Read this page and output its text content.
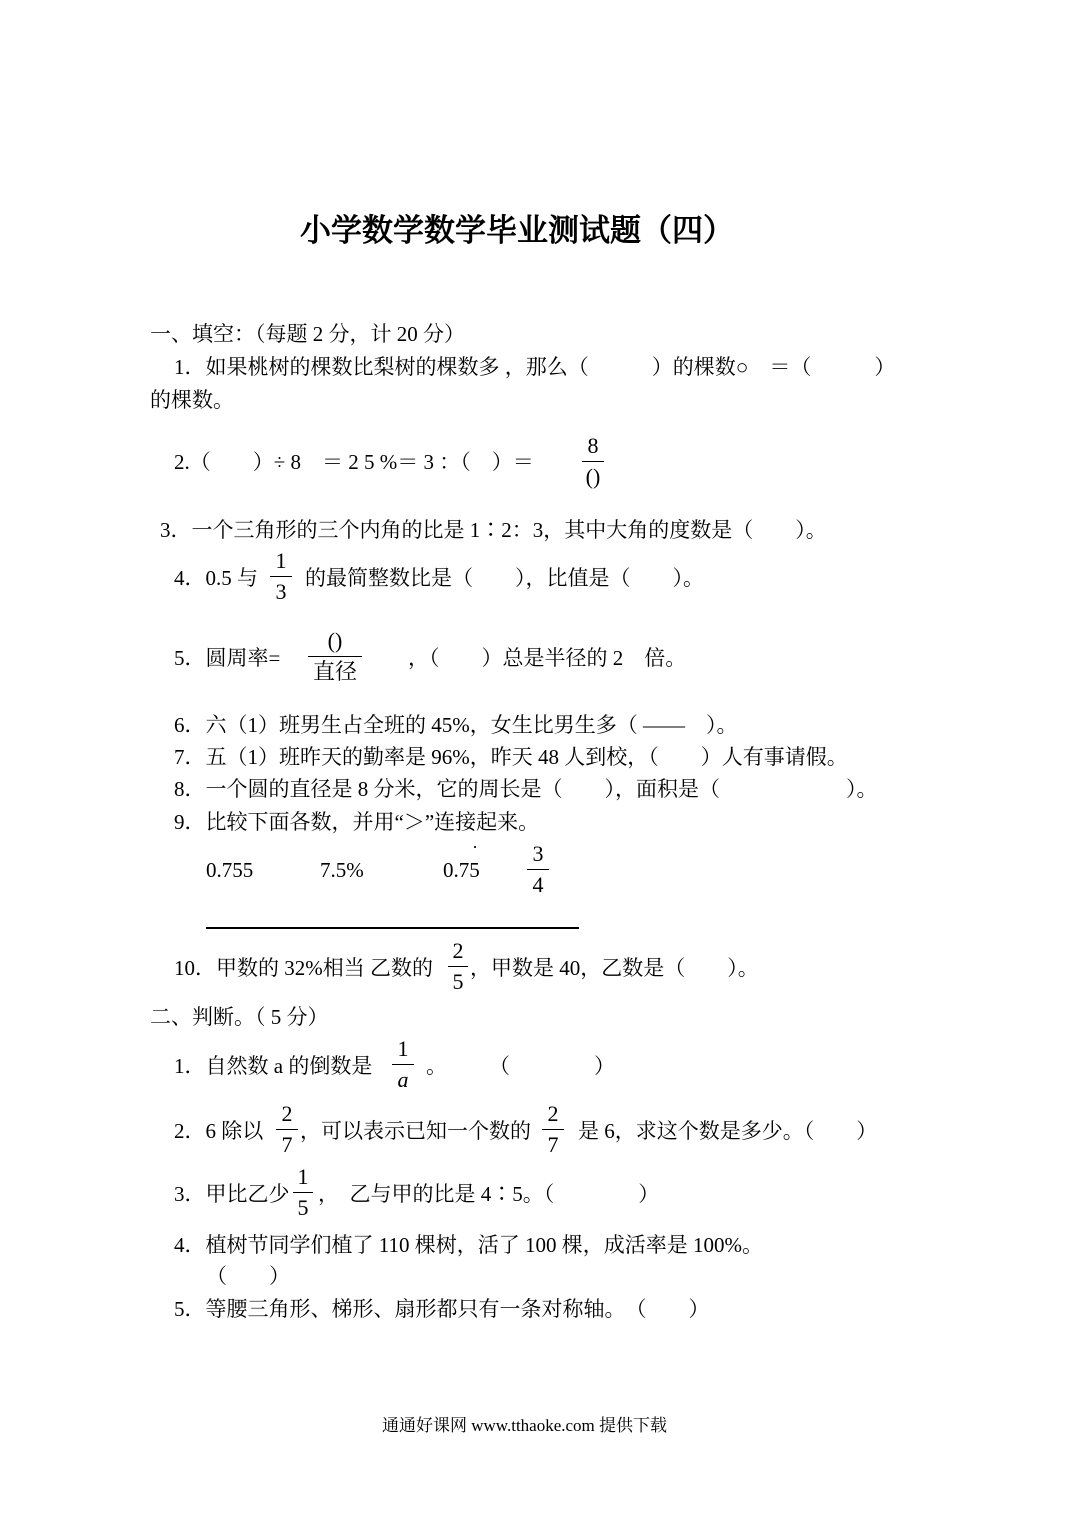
小学数学数学毕业测试题（四）
一、填空：（每题 2 分，计 20 分）
1．如果桃树的棵数比梨树的棵数多 ，那么（　　　）的棵数○　＝（　　　）
的棵数。
2.（　　）÷ 8　＝ 2 5 %＝ 3 ：（　）＝
8
()
3．一个三角形的三个内角的比是 1∶2：3，其中大角的度数是（　　）。
4．0.5 与
1
3
的最简整数比是（　　），比值是（　　）。
5．圆周率=
()
直径
，（　　）总是半径的 2　倍。
6．六（1）班男生占全班的 45%，女生比男生多（ ——　）。
7．五（1）班昨天的勤率是 96%，昨天 48 人到校，（　　）人有事请假。
8．一个圆的直径是 8 分米，它的周长是（　　），面积是（　　　　　　）。
9．比较下面各数，并用“＞”连接起来。
0.755	7.5%	0.75
· 3
4
10．甲数的 32%相当 乙数的
2
5
，甲数是 40，乙数是（　　）。
二、判断。（ 5 分）
1．自然数 a 的倒数是
1
a
。　　　（　　　　）
2．6 除以
2
7
，可以表示已知一个数的
2
7
是 6，求这个数是多少。（　　）
3．甲比乙少
1
5
，　乙与甲的比是 4∶5。（　　　　）
4．植树节同学们植了 110 棵树，活了 100 棵，成活率是 100%。
（　　）
5．等腰三角形、梯形、扇形都只有一条对称轴。　（　　）
通通好课网 www.tthaoke.com 提供下载
